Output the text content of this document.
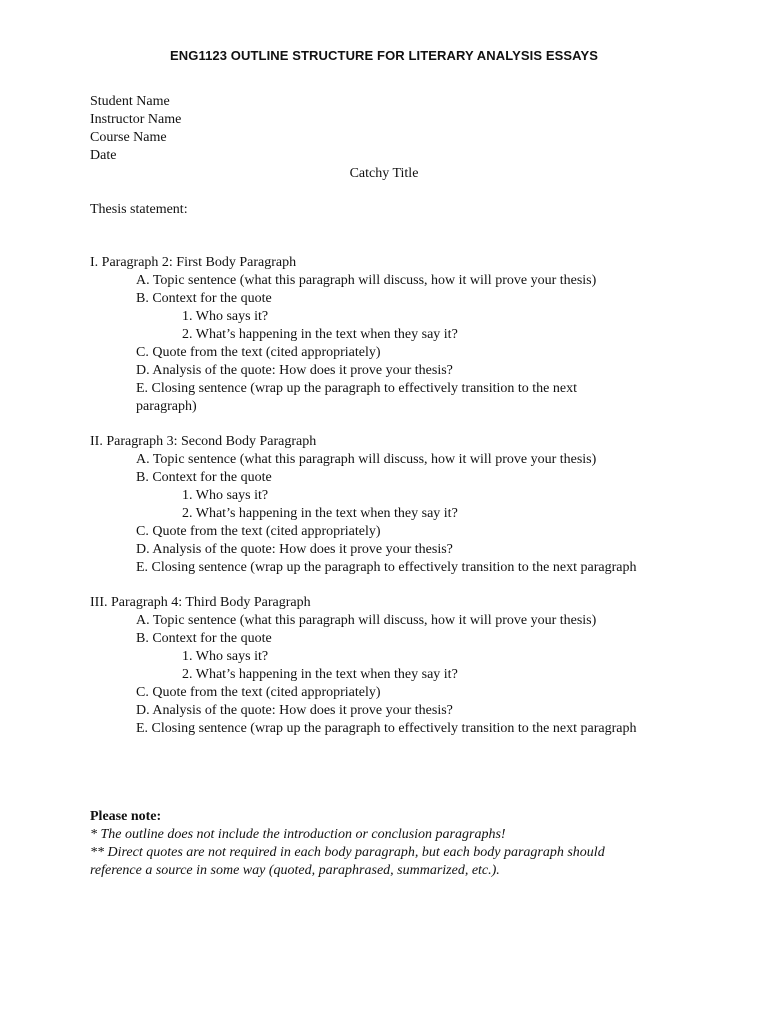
ENG1123 OUTLINE STRUCTURE FOR LITERARY ANALYSIS ESSAYS
Student Name
Instructor Name
Course Name
Date
Catchy Title
Thesis statement:
I. Paragraph 2: First Body Paragraph
A. Topic sentence (what this paragraph will discuss, how it will prove your thesis)
B. Context for the quote
1. Who says it?
2. What’s happening in the text when they say it?
C. Quote from the text (cited appropriately)
D. Analysis of the quote: How does it prove your thesis?
E. Closing sentence (wrap up the paragraph to effectively transition to the next
paragraph)
II. Paragraph 3: Second Body Paragraph
A. Topic sentence (what this paragraph will discuss, how it will prove your thesis)
B. Context for the quote
1. Who says it?
2. What’s happening in the text when they say it?
C. Quote from the text (cited appropriately)
D. Analysis of the quote: How does it prove your thesis?
E. Closing sentence (wrap up the paragraph to effectively transition to the next paragraph
III. Paragraph 4: Third Body Paragraph
A. Topic sentence (what this paragraph will discuss, how it will prove your thesis)
B. Context for the quote
1. Who says it?
2. What’s happening in the text when they say it?
C. Quote from the text (cited appropriately)
D. Analysis of the quote: How does it prove your thesis?
E. Closing sentence (wrap up the paragraph to effectively transition to the next paragraph
Please note:
* The outline does not include the introduction or conclusion paragraphs!
** Direct quotes are not required in each body paragraph, but each body paragraph should
reference a source in some way (quoted, paraphrased, summarized, etc.).
